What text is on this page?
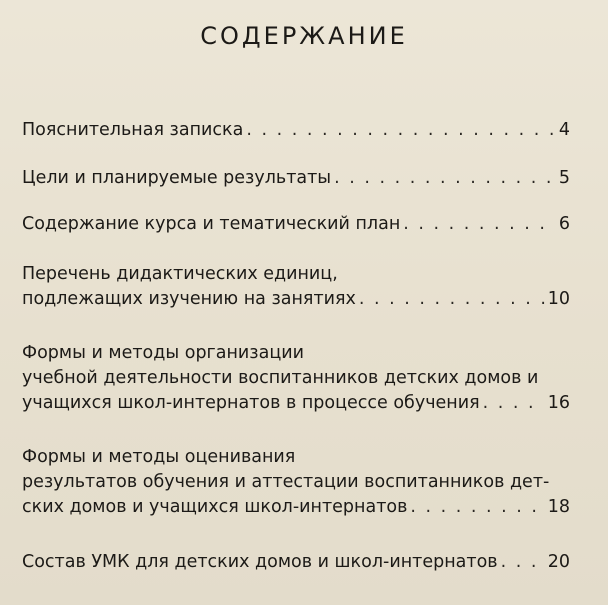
СОДЕРЖАНИЕ
Пояснительная записка . . .	4
Цели и планируемые результаты . . .	5
Содержание курса и тематический план . . .	6
Перечень дидактических единиц,
подлежащих изучению на занятиях . . .	10
Формы и методы организации
учебной деятельности воспитанников детских домов и
учащихся школ-интернатов в процессе обучения . . .	16
Формы и методы оценивания
результатов обучения и аттестации воспитанников дет-
ских домов и учащихся школ-интернатов . . .	18
Состав УМК для детских домов и школ-интернатов . . .	20
